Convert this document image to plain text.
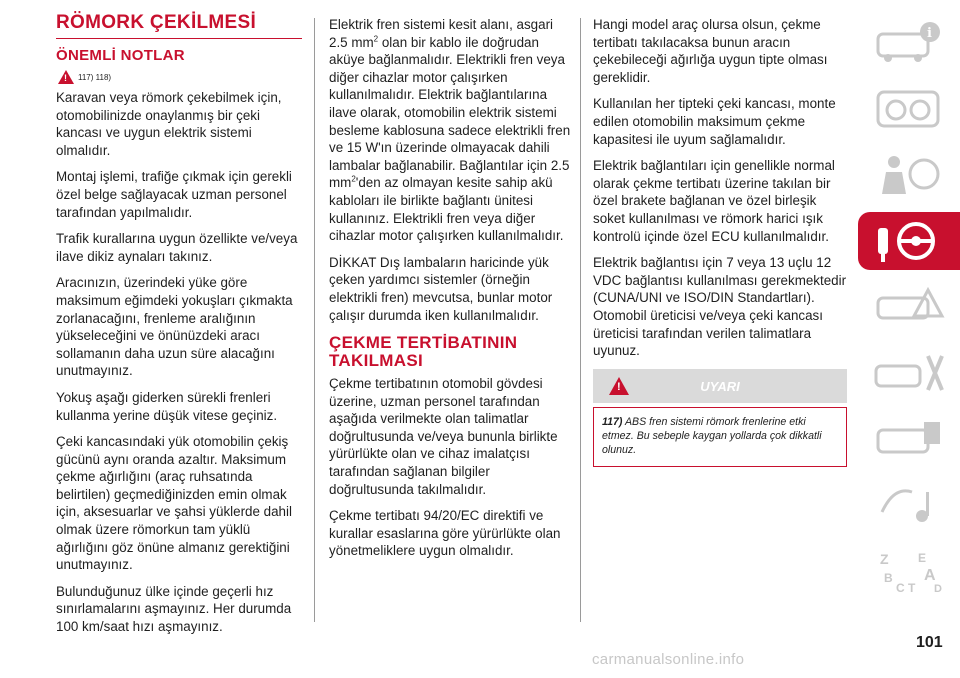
RÖMORK ÇEKİLMESİ
ÖNEMLİ NOTLAR
! 117) 118)

Karavan veya römork çekebilmek için, otomobilinizde onaylanmış bir çeki kancası ve uygun elektrik sistemi olmalıdır.

Montaj işlemi, trafiğe çıkmak için gerekli özel belge sağlayacak uzman personel tarafından yapılmalıdır.

Trafik kurallarına uygun özellikte ve/veya ilave dikiz aynaları takınız.

Aracınızın, üzerindeki yüke göre maksimum eğimdeki yokuşları çıkmakta zorlanacağını, frenleme aralığının yükseleceğini ve önünüzdeki aracı sollamanın daha uzun süre alacağını unutmayınız.

Yokuş aşağı giderken sürekli frenleri kullanma yerine düşük vitese geçiniz.

Çeki kancasındaki yük otomobilin çekiş gücünü aynı oranda azaltır. Maksimum çekme ağırlığını (araç ruhsatında belirtilen) geçmediğinizden emin olmak için, aksesuarlar ve şahsi yüklerde dahil olmak üzere römorkun tam yüklü ağırlığını göz önüne almanız gerektiğini unutmayınız.

Bulunduğunuz ülke içinde geçerli hız sınırlamalarını aşmayınız. Her durumda 100 km/saat hızı aşmayınız.

Elektrik fren sistemi kesit alanı, asgari 2.5 $mm^2$ olan bir kablo ile doğrudan aküye bağlanmalıdır. Elektrikli fren veya diğer cihazlar motor çalışırken kullanılmalıdır. Elektrik bağlantılarına ilave olarak, otomobilin elektrik sistemi besleme kablosuna sadece elektrikli fren ve 15 W'ın üzerinde olmayacak dahili lambalar bağlanabilir. Bağlantılar için 2.5 $mm^2'den$ az olmayan kesite sahip akü kabloları ile birlikte bağlantı ünitesi kullanınız. Elektrikli fren veya diğer cihazlar motor çalışırken kullanılmalıdır.

DİKKAT Dış lambaların haricinde yük çeken yardımcı sistemler (örneğin elektrikli fren) mevcutsa, bunlar motor çalışır durumda iken kullanılmalıdır.

ÇEKME TERTİBATININ TAKILMASI

Çekme tertibatının otomobil gövdesi üzerine, uzman personel tarafından aşağıda verilmekte olan talimatlar doğrultusunda ve/veya bununla birlikte yürürlükte olan ve cihaz imalatçısı tarafından sağlanan bilgiler doğrultusunda takılmalıdır.

Çekme tertibatı 94/20/EC direktifi ve kurallar esaslarına göre yürürlükte olan yönetmeliklere uygun olmalıdır.

Hangi model araç olursa olsun, çekme tertibatı takılacaksa bunun aracın çekebileceği ağırlığa uygun tipte olması gereklidir.

Kullanılan her tipteki çeki kancası, monte edilen otomobilin maksimum çekme kapasitesi ile uyum sağlamalıdır.

Elektrik bağlantıları için genellikle normal olarak çekme tertibatı üzerine takılan bir özel brakete bağlanan ve özel birleşik soket kullanılması ve römork harici ışık kontrolü içinde özel ECU kullanılmalıdır.

Elektrik bağlantısı için 7 veya 13 uçlu 12 VDC bağlantısı kullanılması gerekmektedir (CUNA/UNI ve ISO/DIN Standartları). Otomobil üreticisi ve/veya çeki kancası üreticisi tarafından verilen talimatlara uyunuz.

!	UYARI
117) ABS fren sistemi römork frenlerine etki etmez. Bu sebeple kaygan yollarda çok dikkatli olunuz.
i
Z E
B A
C T D
101
carmanualsonline.info
